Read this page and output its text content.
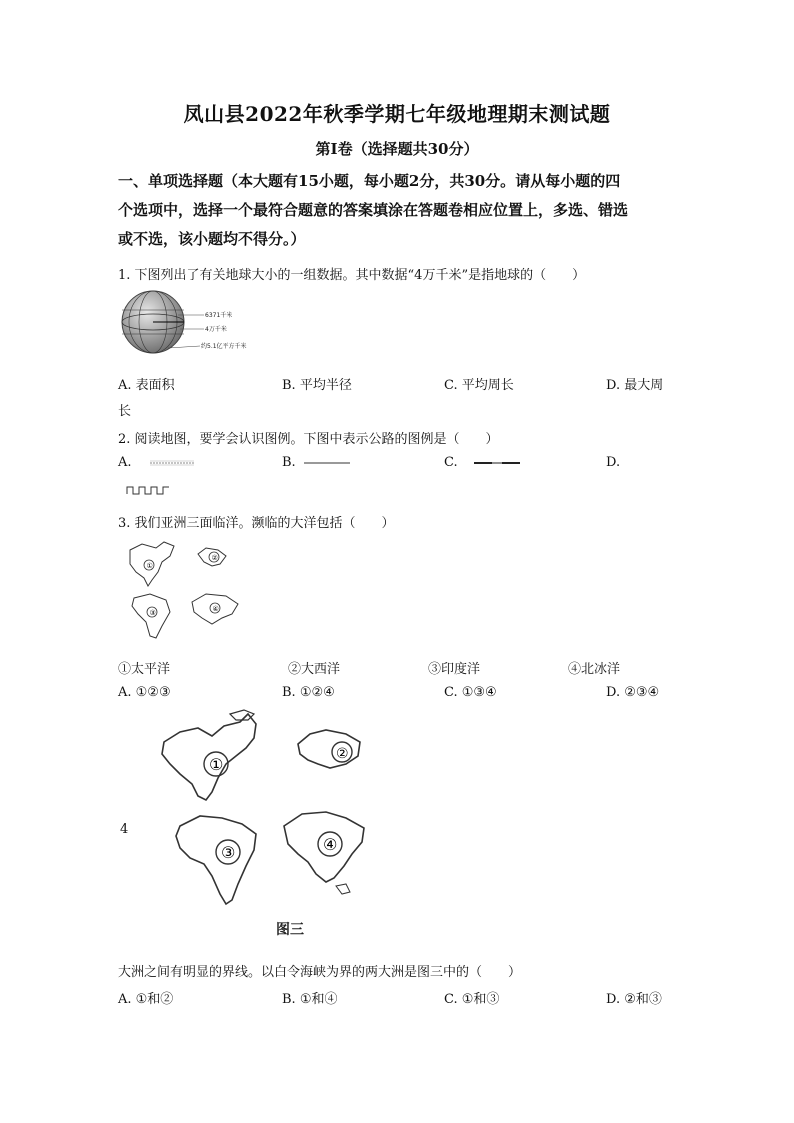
凤山县2022年秋季学期七年级地理期末测试题
第Ⅰ卷（选择题共30分）
一、单项选择题（本大题有15小题，每小题2分，共30分。请从每小题的四
个选项中，选择一个最符合题意的答案填涂在答题卷相应位置上，多选、错选
或不选，该小题均不得分。）
1. 下图列出了有关地球大小的一组数据。其中数据“4万千米”是指地球的（　　）
6371千米
4万千米
约5.1亿平方千米
A. 表面积	B. 平均半径	C. 平均周长	D. 最大周
长
2. 阅读地图，要学会认识图例。下图中表示公路的图例是（　　）
A.	B.	C.	D.
3. 我们亚洲三面临洋。濒临的大洋包括（　　）
①
②
③	④
①太平洋	②大西洋	③印度洋	④北冰洋
A. ①②③	B. ①②④	C. ①③④	D. ②③④
4
①
②
③	④
图三
大洲之间有明显的界线。以白令海峡为界的两大洲是图三中的（　　）
A. ①和②	B. ①和④	C. ①和③	D. ②和③
